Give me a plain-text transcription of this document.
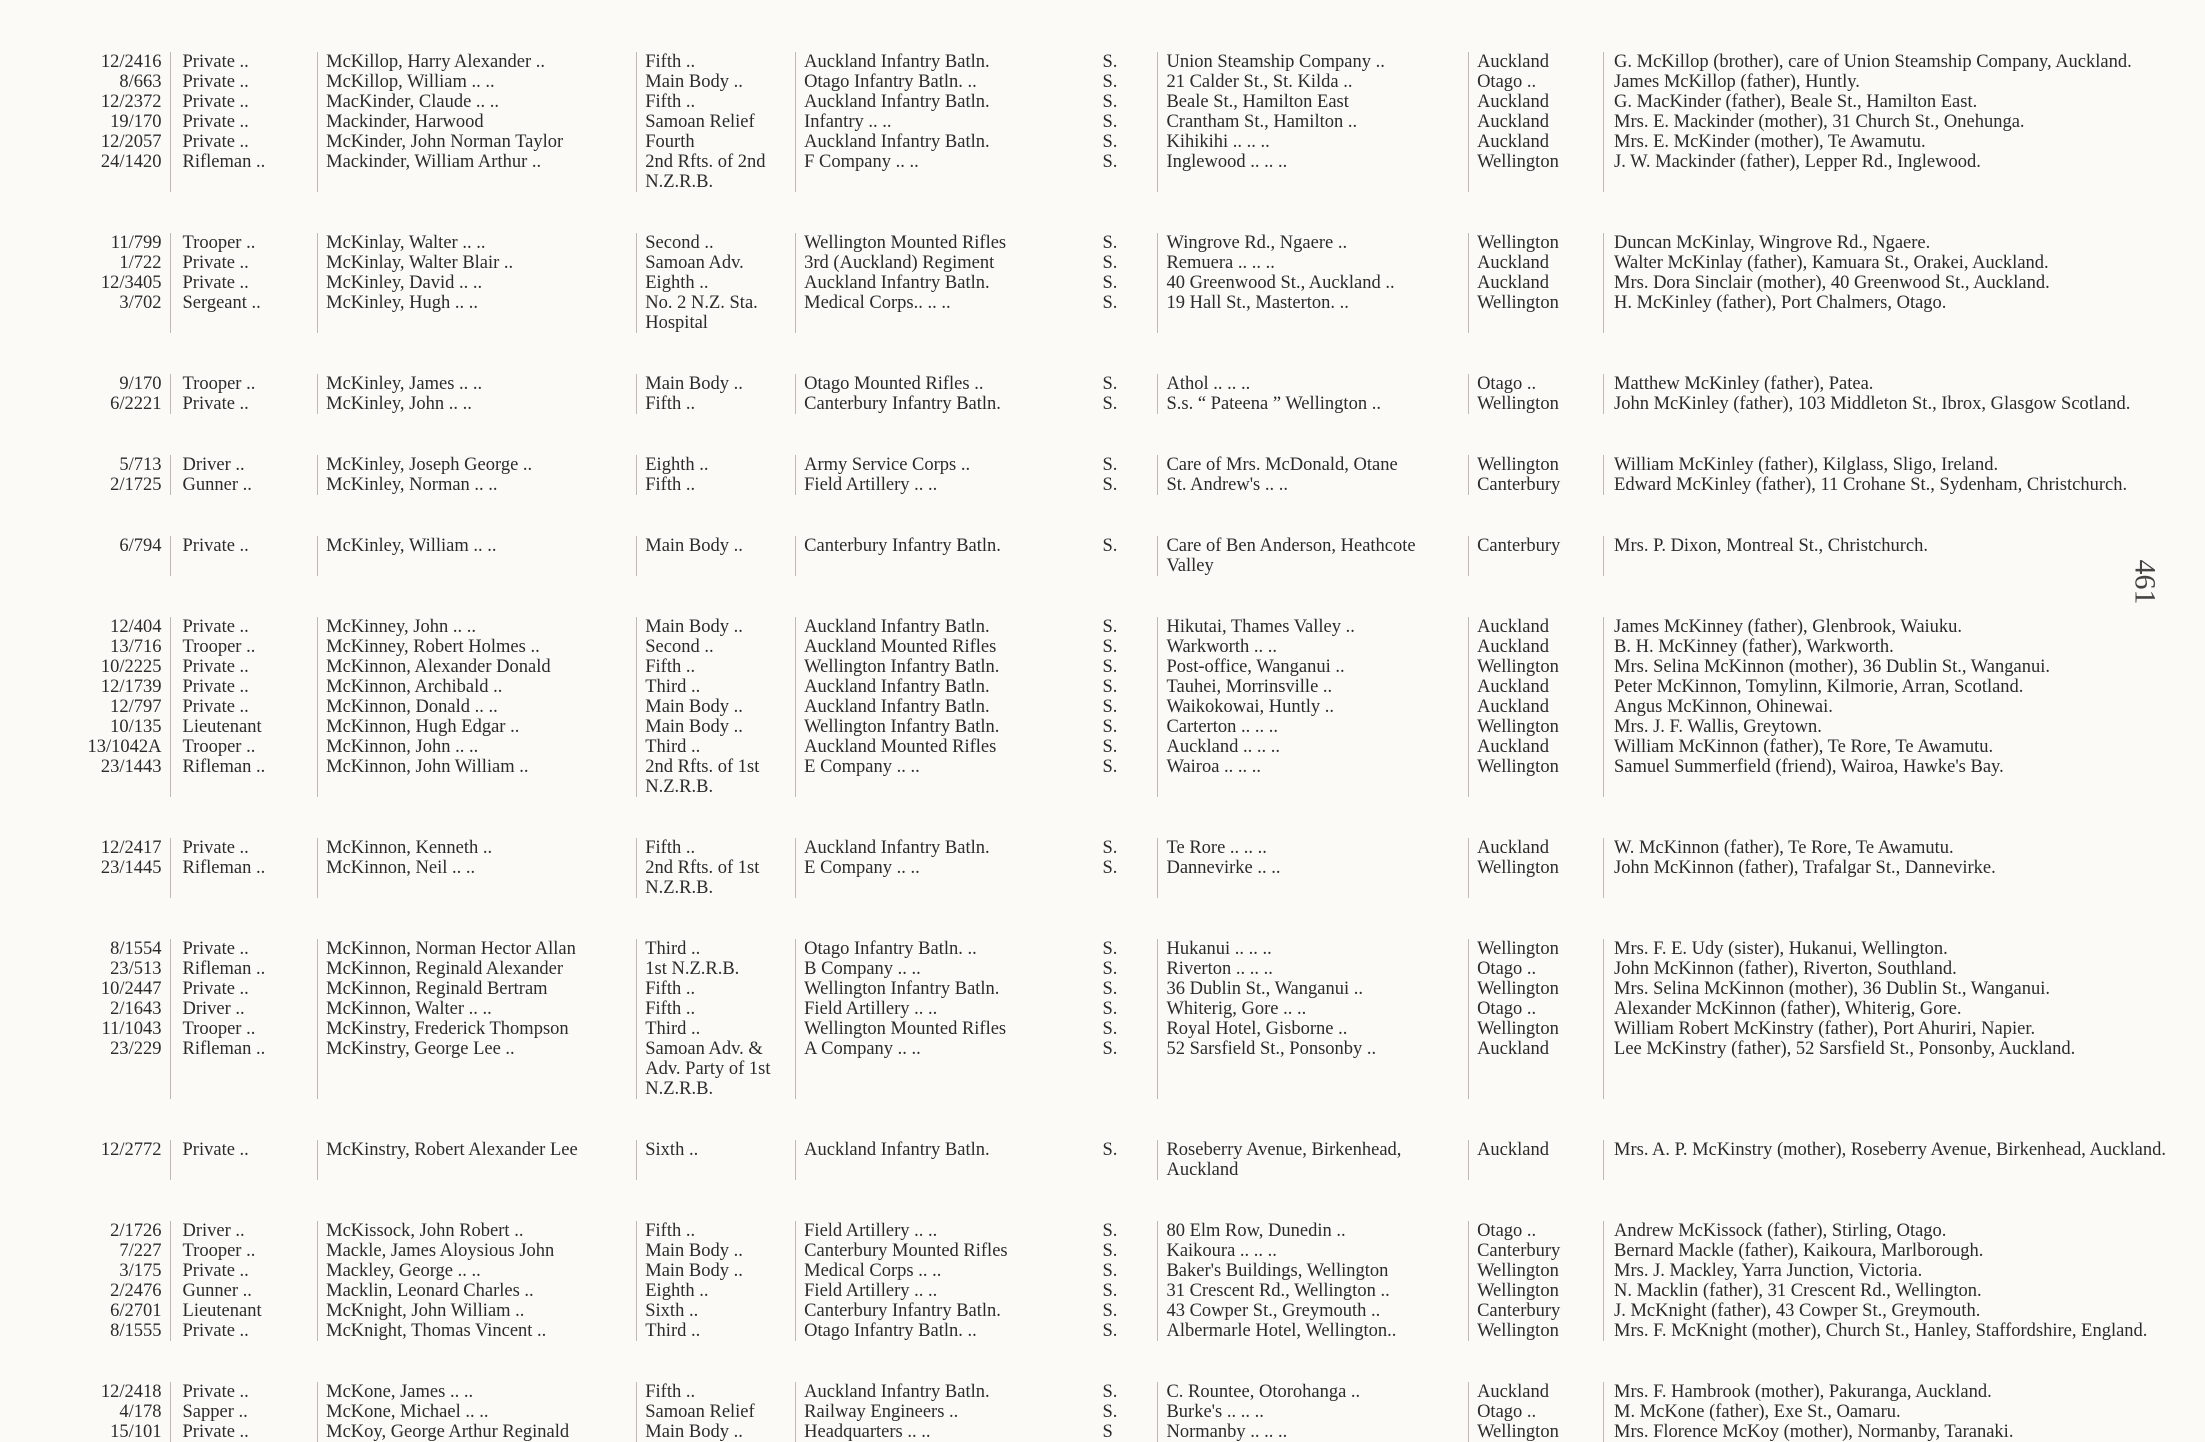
12/2416	Private ..	McKillop, Harry Alexander ..	Fifth ..	Auckland Infantry Batln.	S.	Union Steamship Company ..	Auckland	G. McKillop (brother), care of Union Steamship Company, Auckland.
8/663	Private ..	McKillop, William .. ..	Main Body ..	Otago Infantry Batln. ..	S.	21 Calder St., St. Kilda ..	Otago ..	James McKillop (father), Huntly.
12/2372	Private ..	MacKinder, Claude .. ..	Fifth ..	Auckland Infantry Batln.	S.	Beale St., Hamilton East	Auckland	G. MacKinder (father), Beale St., Hamilton East.
19/170	Private ..	Mackinder, Harwood	Samoan Relief	Infantry .. ..	S.	Crantham St., Hamilton ..	Auckland	Mrs. E. Mackinder (mother), 31 Church St., Onehunga.
12/2057	Private ..	McKinder, John Norman Taylor	Fourth	Auckland Infantry Batln.	S.	Kihikihi .. .. ..	Auckland	Mrs. E. McKinder (mother), Te Awamutu.
24/1420	Rifleman ..	Mackinder, William Arthur ..	2nd Rfts. of 2nd N.Z.R.B.	F Company .. ..	S.	Inglewood .. .. ..	Wellington	J. W. Mackinder (father), Lepper Rd., Inglewood.

11/799	Trooper ..	McKinlay, Walter .. ..	Second ..	Wellington Mounted Rifles	S.	Wingrove Rd., Ngaere ..	Wellington	Duncan McKinlay, Wingrove Rd., Ngaere.
1/722	Private ..	McKinlay, Walter Blair ..	Samoan Adv.	3rd (Auckland) Regiment	S.	Remuera .. .. ..	Auckland	Walter McKinlay (father), Kamuara St., Orakei, Auckland.
12/3405	Private ..	McKinley, David .. ..	Eighth ..	Auckland Infantry Batln.	S.	40 Greenwood St., Auckland ..	Auckland	Mrs. Dora Sinclair (mother), 40 Greenwood St., Auckland.
3/702	Sergeant ..	McKinley, Hugh .. ..	No. 2 N.Z. Sta. Hospital	Medical Corps.. .. ..	S.	19 Hall St., Masterton. ..	Wellington	H. McKinley (father), Port Chalmers, Otago.

9/170	Trooper ..	McKinley, James .. ..	Main Body ..	Otago Mounted Rifles ..	S.	Athol .. .. ..	Otago ..	Matthew McKinley (father), Patea.
6/2221	Private ..	McKinley, John .. ..	Fifth ..	Canterbury Infantry Batln.	S.	S.s. “ Pateena ” Wellington ..	Wellington	John McKinley (father), 103 Middleton St., Ibrox, Glasgow Scotland.

5/713	Driver ..	McKinley, Joseph George ..	Eighth ..	Army Service Corps ..	S.	Care of Mrs. McDonald, Otane	Wellington	William McKinley (father), Kilglass, Sligo, Ireland.
2/1725	Gunner ..	McKinley, Norman .. ..	Fifth ..	Field Artillery .. ..	S.	St. Andrew's .. ..	Canterbury	Edward McKinley (father), 11 Crohane St., Sydenham, Christchurch.

6/794	Private ..	McKinley, William .. ..	Main Body ..	Canterbury Infantry Batln.	S.	Care of Ben Anderson, Heathcote Valley	Canterbury	Mrs. P. Dixon, Montreal St., Christchurch.

12/404	Private ..	McKinney, John .. ..	Main Body ..	Auckland Infantry Batln.	S.	Hikutai, Thames Valley ..	Auckland	James McKinney (father), Glenbrook, Waiuku.
13/716	Trooper ..	McKinney, Robert Holmes ..	Second ..	Auckland Mounted Rifles	S.	Warkworth .. ..	Auckland	B. H. McKinney (father), Warkworth.
10/2225	Private ..	McKinnon, Alexander Donald	Fifth ..	Wellington Infantry Batln.	S.	Post-office, Wanganui ..	Wellington	Mrs. Selina McKinnon (mother), 36 Dublin St., Wanganui.
12/1739	Private ..	McKinnon, Archibald ..	Third ..	Auckland Infantry Batln.	S.	Tauhei, Morrinsville ..	Auckland	Peter McKinnon, Tomylinn, Kilmorie, Arran, Scotland.
12/797	Private ..	McKinnon, Donald .. ..	Main Body ..	Auckland Infantry Batln.	S.	Waikokowai, Huntly ..	Auckland	Angus McKinnon, Ohinewai.
10/135	Lieutenant	McKinnon, Hugh Edgar ..	Main Body ..	Wellington Infantry Batln.	S.	Carterton .. .. ..	Wellington	Mrs. J. F. Wallis, Greytown.
13/1042A	Trooper ..	McKinnon, John .. ..	Third ..	Auckland Mounted Rifles	S.	Auckland .. .. ..	Auckland	William McKinnon (father), Te Rore, Te Awamutu.
23/1443	Rifleman ..	McKinnon, John William ..	2nd Rfts. of 1st N.Z.R.B.	E Company .. ..	S.	Wairoa .. .. ..	Wellington	Samuel Summerfield (friend), Wairoa, Hawke's Bay.

12/2417	Private ..	McKinnon, Kenneth ..	Fifth ..	Auckland Infantry Batln.	S.	Te Rore .. .. ..	Auckland	W. McKinnon (father), Te Rore, Te Awamutu.
23/1445	Rifleman ..	McKinnon, Neil .. ..	2nd Rfts. of 1st N.Z.R.B.	E Company .. ..	S.	Dannevirke .. ..	Wellington	John McKinnon (father), Trafalgar St., Dannevirke.

8/1554	Private ..	McKinnon, Norman Hector Allan	Third ..	Otago Infantry Batln. ..	S.	Hukanui .. .. ..	Wellington	Mrs. F. E. Udy (sister), Hukanui, Wellington.
23/513	Rifleman ..	McKinnon, Reginald Alexander	1st N.Z.R.B.	B Company .. ..	S.	Riverton .. .. ..	Otago ..	John McKinnon (father), Riverton, Southland.
10/2447	Private ..	McKinnon, Reginald Bertram	Fifth ..	Wellington Infantry Batln.	S.	36 Dublin St., Wanganui ..	Wellington	Mrs. Selina McKinnon (mother), 36 Dublin St., Wanganui.
2/1643	Driver ..	McKinnon, Walter .. ..	Fifth ..	Field Artillery .. ..	S.	Whiterig, Gore .. ..	Otago ..	Alexander McKinnon (father), Whiterig, Gore.
11/1043	Trooper ..	McKinstry, Frederick Thompson	Third ..	Wellington Mounted Rifles	S.	Royal Hotel, Gisborne ..	Wellington	William Robert McKinstry (father), Port Ahuriri, Napier.
23/229	Rifleman ..	McKinstry, George Lee ..	Samoan Adv. & Adv. Party of 1st N.Z.R.B.	A Company .. ..	S.	52 Sarsfield St., Ponsonby ..	Auckland	Lee McKinstry (father), 52 Sarsfield St., Ponsonby, Auckland.

12/2772	Private ..	McKinstry, Robert Alexander Lee	Sixth ..	Auckland Infantry Batln.	S.	Roseberry Avenue, Birkenhead, Auckland	Auckland	Mrs. A. P. McKinstry (mother), Roseberry Avenue, Birkenhead, Auckland.

2/1726	Driver ..	McKissock, John Robert ..	Fifth ..	Field Artillery .. ..	S.	80 Elm Row, Dunedin ..	Otago ..	Andrew McKissock (father), Stirling, Otago.
7/227	Trooper ..	Mackle, James Aloysious John	Main Body ..	Canterbury Mounted Rifles	S.	Kaikoura .. .. ..	Canterbury	Bernard Mackle (father), Kaikoura, Marlborough.
3/175	Private ..	Mackley, George .. ..	Main Body ..	Medical Corps .. ..	S.	Baker's Buildings, Wellington	Wellington	Mrs. J. Mackley, Yarra Junction, Victoria.
2/2476	Gunner ..	Macklin, Leonard Charles ..	Eighth ..	Field Artillery .. ..	S.	31 Crescent Rd., Wellington ..	Wellington	N. Macklin (father), 31 Crescent Rd., Wellington.
6/2701	Lieutenant	McKnight, John William ..	Sixth ..	Canterbury Infantry Batln.	S.	43 Cowper St., Greymouth ..	Canterbury	J. McKnight (father), 43 Cowper St., Greymouth.
8/1555	Private ..	McKnight, Thomas Vincent ..	Third ..	Otago Infantry Batln. ..	S.	Albermarle Hotel, Wellington..	Wellington	Mrs. F. McKnight (mother), Church St., Hanley, Staffordshire, England.

12/2418	Private ..	McKone, James .. ..	Fifth ..	Auckland Infantry Batln.	S.	C. Rountee, Otorohanga ..	Auckland	Mrs. F. Hambrook (mother), Pakuranga, Auckland.
4/178	Sapper ..	McKone, Michael .. ..	Samoan Relief	Railway Engineers ..	S.	Burke's .. .. ..	Otago ..	M. McKone (father), Exe St., Oamaru.
15/101	Private ..	McKoy, George Arthur Reginald	Main Body ..	Headquarters .. ..	S	Normanby .. .. ..	Wellington	Mrs. Florence McKoy (mother), Normanby, Taranaki.
461
